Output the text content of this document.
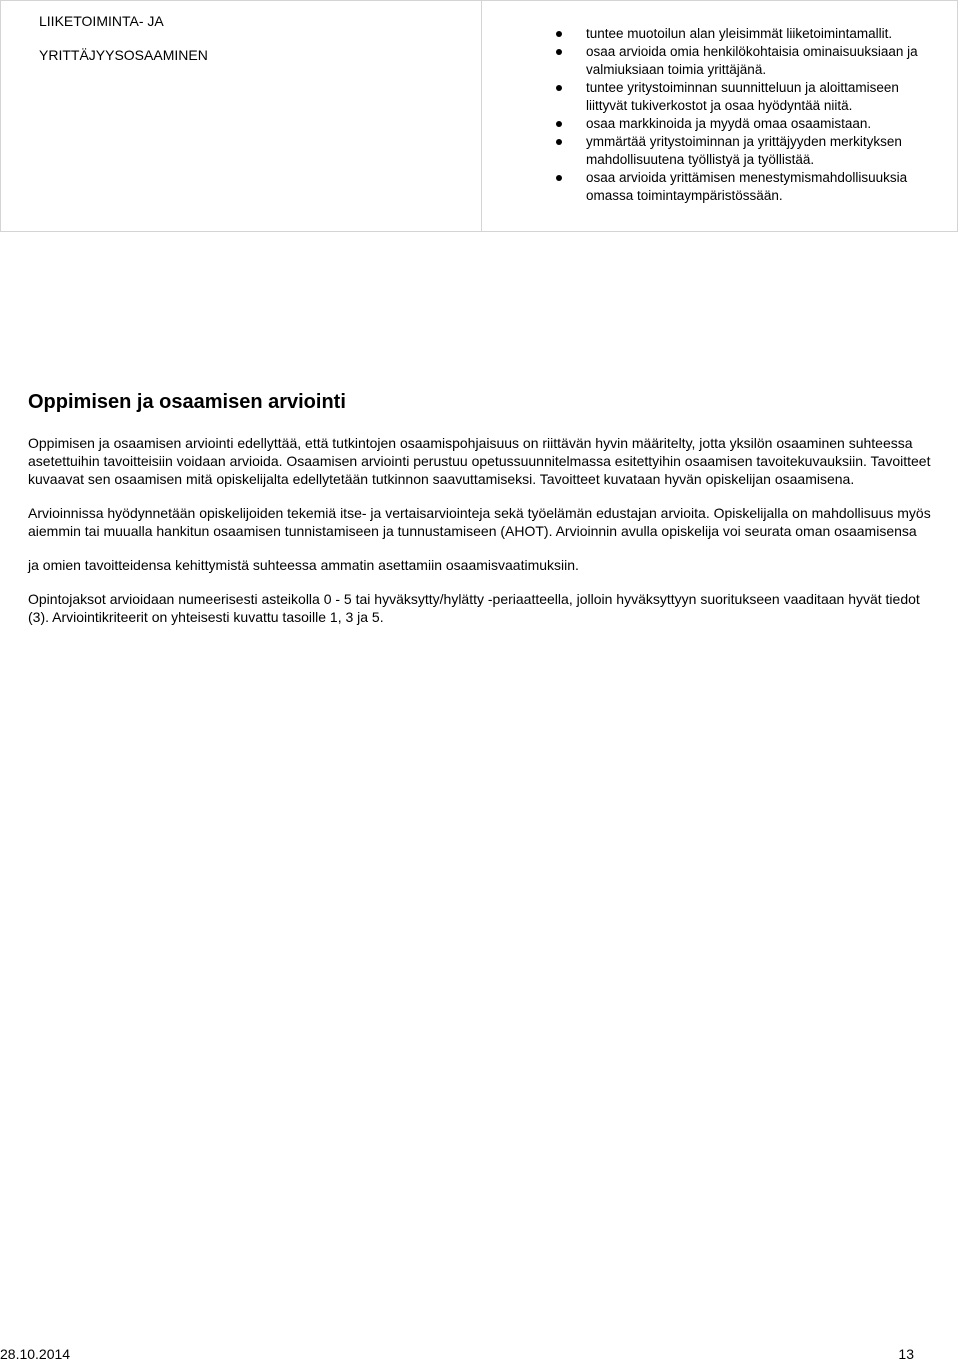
LIIKETOIMINTA- JA
YRITTÄJYYSOSAAMINEN
tuntee muotoilun alan yleisimmät liiketoimintamallit.
osaa arvioida omia henkilökohtaisia ominaisuuksiaan ja valmiuksiaan toimia yrittäjänä.
tuntee yritystoiminnan suunnitteluun ja aloittamiseen liittyvät tukiverkostot ja osaa hyödyntää niitä.
osaa markkinoida ja myydä omaa osaamistaan.
ymmärtää yritystoiminnan ja yrittäjyyden merkityksen mahdollisuutena työllistyä ja työllistää.
osaa arvioida yrittämisen menestymismahdollisuuksia omassa toimintaympäristössään.
Oppimisen ja osaamisen arviointi

Oppimisen ja osaamisen arviointi edellyttää, että tutkintojen osaamispohjaisuus on riittävän hyvin määritelty, jotta yksilön osaaminen suhteessa asetettuihin tavoitteisiin voidaan arvioida. Osaamisen arviointi perustuu opetussuunnitelmassa esitettyihin osaamisen tavoitekuvauksiin. Tavoitteet kuvaavat sen osaamisen mitä opiskelijalta edellytetään tutkinnon saavuttamiseksi. Tavoitteet kuvataan hyvän opiskelijan osaamisena.

Arvioinnissa hyödynnetään opiskelijoiden tekemiä itse- ja vertaisarviointeja sekä työelämän edustajan arvioita. Opiskelijalla on mahdollisuus myös aiemmin tai muualla hankitun osaamisen tunnistamiseen ja tunnustamiseen (AHOT). Arvioinnin avulla opiskelija voi seurata oman osaamisensa

ja omien tavoitteidensa kehittymistä suhteessa ammatin asettamiin osaamisvaatimuksiin.

Opintojaksot arvioidaan numeerisesti asteikolla 0 - 5 tai hyväksytty/hylätty -periaatteella, jolloin hyväksyttyyn suoritukseen vaaditaan hyvät tiedot (3). Arviointikriteerit on yhteisesti kuvattu tasoille 1, 3 ja 5.

28.10.2014	13
